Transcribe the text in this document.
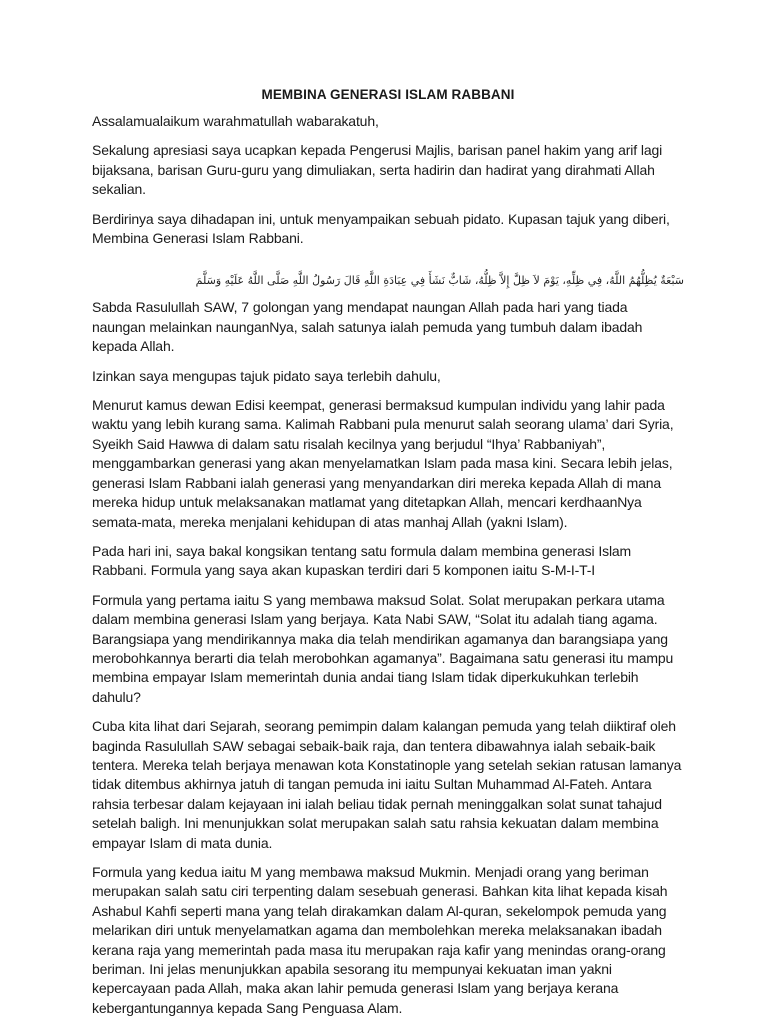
MEMBINA GENERASI ISLAM RABBANI

Assalamualaikum warahmatullah wabarakatuh,

Sekalung apresiasi saya ucapkan kepada Pengerusi Majlis, barisan panel hakim yang arif lagi bijaksana, barisan Guru-guru yang dimuliakan, serta hadirin dan hadirat yang dirahmati Allah sekalian.

Berdirinya saya dihadapan ini, untuk menyampaikan sebuah pidato. Kupasan tajuk yang diberi, Membina Generasi Islam Rabbani.

سَبْعَةٌ يُظِلُّهُمُ اللَّهُ، فِي ظِلِّهِ، يَوْمَ لاَ ظِلَّ إِلاَّ ظِلُّهُ، شَابٌّ نَشَأَ فِي عِبَادَةِ اللَّهِ قَالَ رَسُولُ اللَّهِ صَلَّى اللَّهُ عَلَيْهِ وَسَلَّمَ

Sabda Rasulullah SAW, 7 golongan yang mendapat naungan Allah pada hari yang tiada naungan melainkan naunganNya, salah satunya ialah pemuda yang tumbuh dalam ibadah kepada Allah.

Izinkan saya mengupas tajuk pidato saya terlebih dahulu,

Menurut kamus dewan Edisi keempat, generasi bermaksud kumpulan individu yang lahir pada waktu yang lebih kurang sama. Kalimah Rabbani pula menurut salah seorang ulama’ dari Syria, Syeikh Said Hawwa di dalam satu risalah kecilnya yang berjudul “Ihya’ Rabbaniyah”, menggambarkan generasi yang akan menyelamatkan Islam pada masa kini. Secara lebih jelas, generasi Islam Rabbani ialah generasi yang menyandarkan diri mereka kepada Allah di mana mereka hidup untuk melaksanakan matlamat yang ditetapkan Allah, mencari kerdhaanNya semata-mata, mereka menjalani kehidupan di atas manhaj Allah (yakni Islam).

Pada hari ini, saya bakal kongsikan tentang satu formula dalam membina generasi Islam Rabbani. Formula yang saya akan kupaskan terdiri dari 5 komponen iaitu S-M-I-T-I

Formula yang pertama iaitu S yang membawa maksud Solat. Solat merupakan perkara utama dalam membina generasi Islam yang berjaya. Kata Nabi SAW, “Solat itu adalah tiang agama. Barangsiapa yang mendirikannya maka dia telah mendirikan agamanya dan barangsiapa yang merobohkannya berarti dia telah merobohkan agamanya”. Bagaimana satu generasi itu mampu membina empayar Islam memerintah dunia andai tiang Islam tidak diperkukuhkan terlebih dahulu?

Cuba kita lihat dari Sejarah, seorang pemimpin dalam kalangan pemuda yang telah diiktiraf oleh baginda Rasulullah SAW sebagai sebaik-baik raja, dan tentera dibawahnya ialah sebaik-baik tentera. Mereka telah berjaya menawan kota Konstatinople yang setelah sekian ratusan lamanya tidak ditembus akhirnya jatuh di tangan pemuda ini iaitu Sultan Muhammad Al-Fateh. Antara rahsia terbesar dalam kejayaan ini ialah beliau tidak pernah meninggalkan solat sunat tahajud setelah baligh. Ini menunjukkan solat merupakan salah satu rahsia kekuatan dalam membina empayar Islam di mata dunia.

Formula yang kedua iaitu M yang membawa maksud Mukmin. Menjadi orang yang beriman merupakan salah satu ciri terpenting dalam sesebuah generasi. Bahkan kita lihat kepada kisah Ashabul Kahfi seperti mana yang telah dirakamkan dalam Al-quran, sekelompok pemuda yang melarikan diri untuk menyelamatkan agama dan membolehkan mereka melaksanakan ibadah kerana raja yang memerintah pada masa itu merupakan raja kafir yang menindas orang-orang beriman. Ini jelas menunjukkan apabila sesorang itu mempunyai kekuatan iman yakni kepercayaan pada Allah, maka akan lahir pemuda generasi Islam yang berjaya kerana kebergantungannya kepada Sang Penguasa Alam.
